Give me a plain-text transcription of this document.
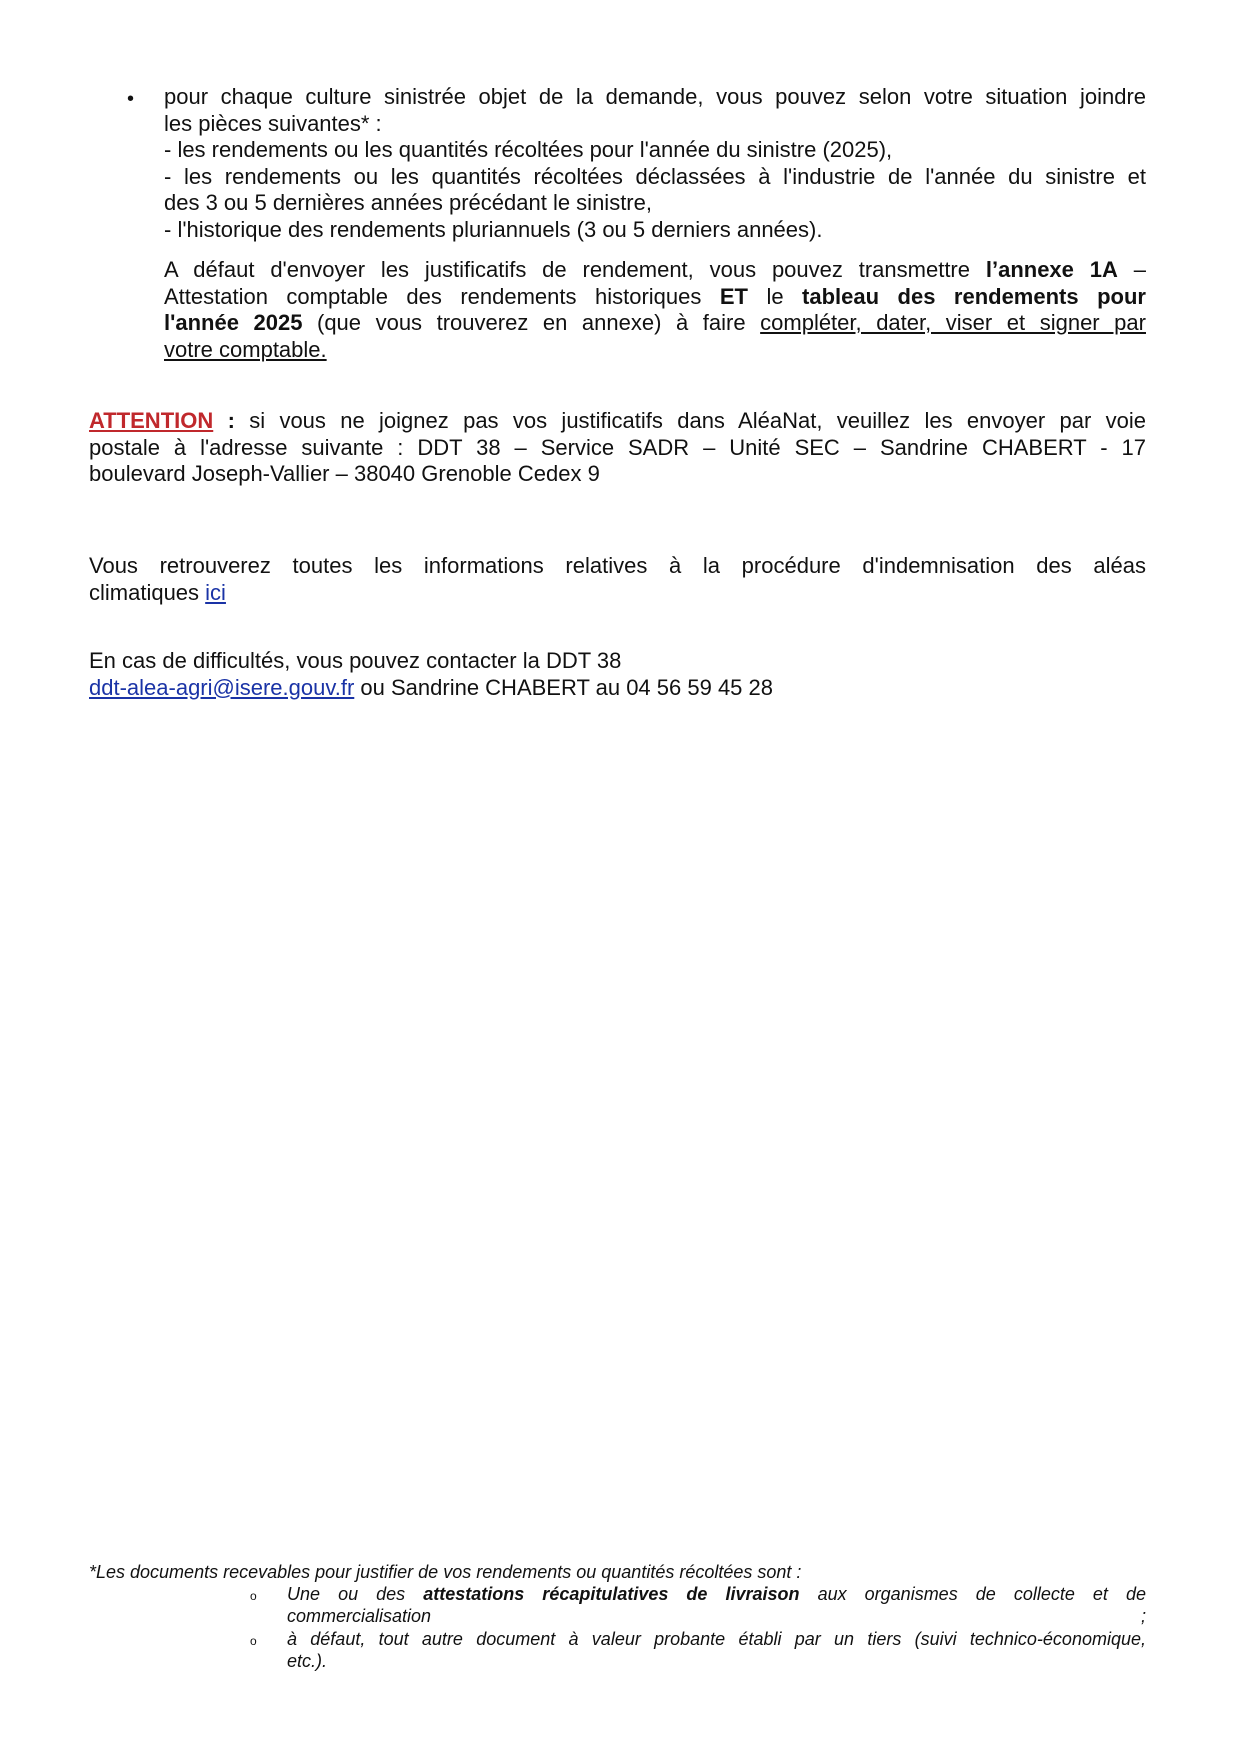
• pour chaque culture sinistrée objet de la demande, vous pouvez selon votre situation joindre
les pièces suivantes* :
- les rendements ou les quantités récoltées pour l'année du sinistre (2025),
- les rendements ou les quantités récoltées déclassées à l'industrie de l'année du sinistre et
des 3 ou 5 dernières années précédant le sinistre,
- l'historique des rendements pluriannuels (3 ou 5 derniers années).
A défaut d'envoyer les justificatifs de rendement, vous pouvez transmettre l’annexe 1A –
Attestation comptable des rendements historiques ET le tableau des rendements pour
l'année 2025 (que vous trouverez en annexe) à faire compléter, dater, viser et signer par
votre comptable.
ATTENTION : si vous ne joignez pas vos justificatifs dans AléaNat, veuillez les envoyer par voie
postale à l'adresse suivante : DDT 38 – Service SADR – Unité SEC – Sandrine CHABERT - 17
boulevard Joseph-Vallier – 38040 Grenoble Cedex 9
Vous retrouverez toutes les informations relatives à la procédure d'indemnisation des aléas
climatiques ici
En cas de difficultés, vous pouvez contacter la DDT 38
ddt-alea-agri@isere.gouv.fr ou Sandrine CHABERT au 04 56 59 45 28
*Les documents recevables pour justifier de vos rendements ou quantités récoltées sont :
o Une ou des attestations récapitulatives de livraison aux organismes de collecte et de
commercialisation ;
o à défaut, tout autre document à valeur probante établi par un tiers (suivi technico-économique,
etc.).
